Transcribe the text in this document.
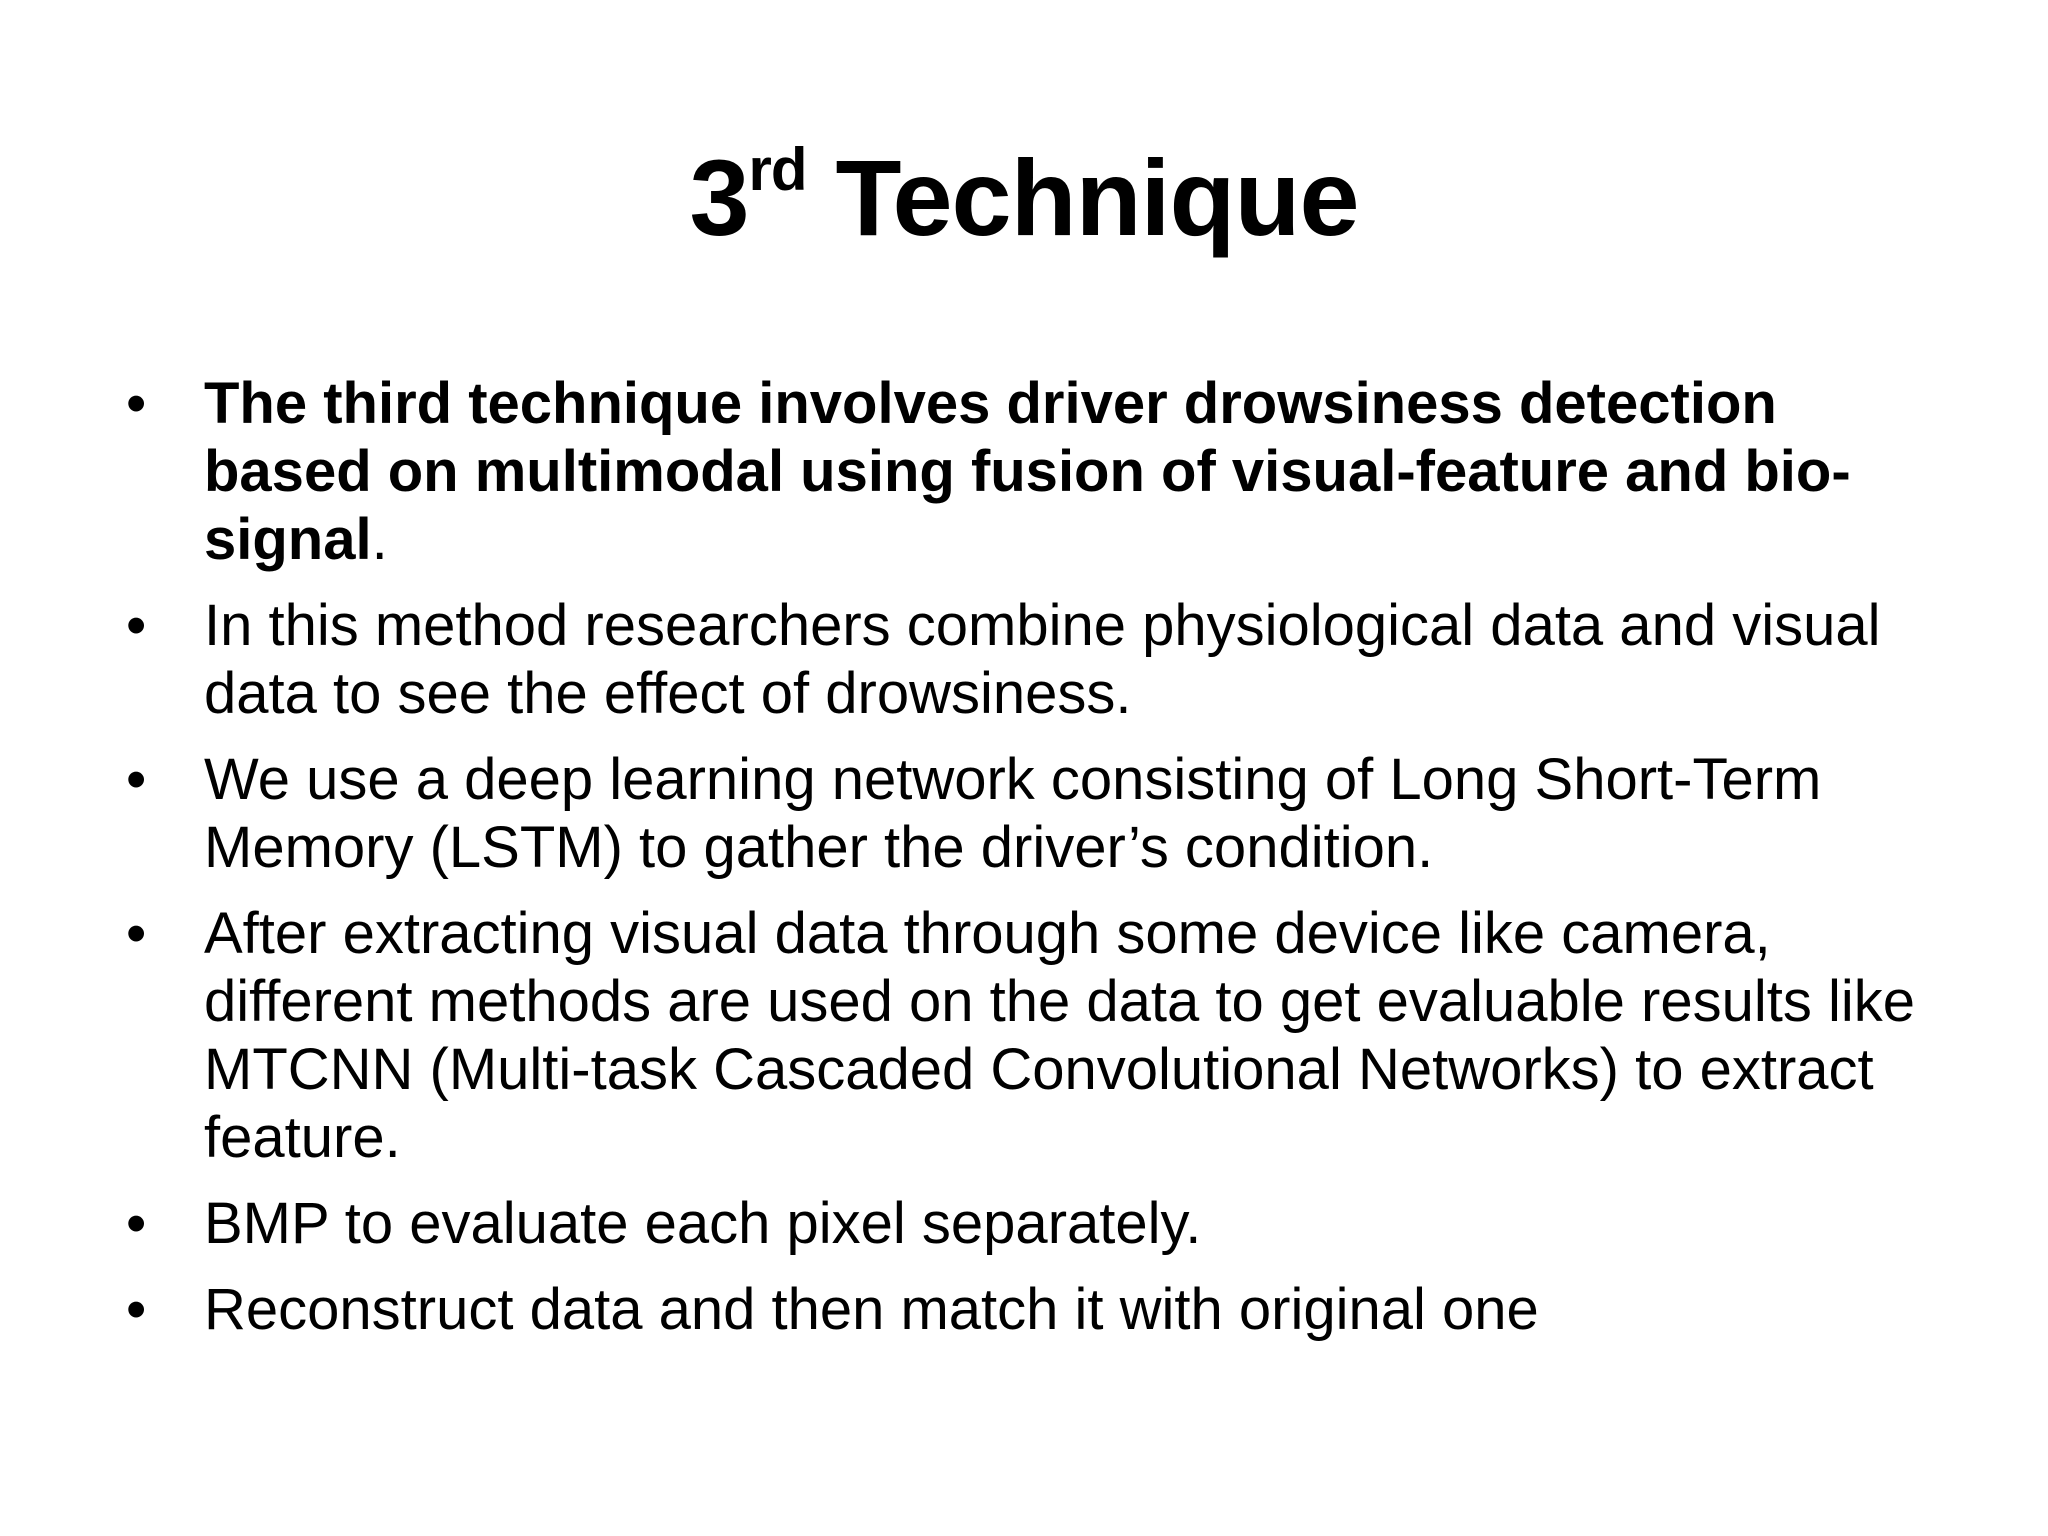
3rd Technique
• The third technique involves driver drowsiness detection based on multimodal using fusion of visual-feature and bio-signal.
• In this method researchers combine physiological data and visual data to see the effect of drowsiness.
• We use a deep learning network consisting of Long Short-Term Memory (LSTM) to gather the driver’s condition.
• After extracting visual data through some device like camera, different methods are used on the data to get evaluable results like MTCNN (Multi-task Cascaded Convolutional Networks) to extract feature.
• BMP to evaluate each pixel separately.
• Reconstruct data and then match it with original one
